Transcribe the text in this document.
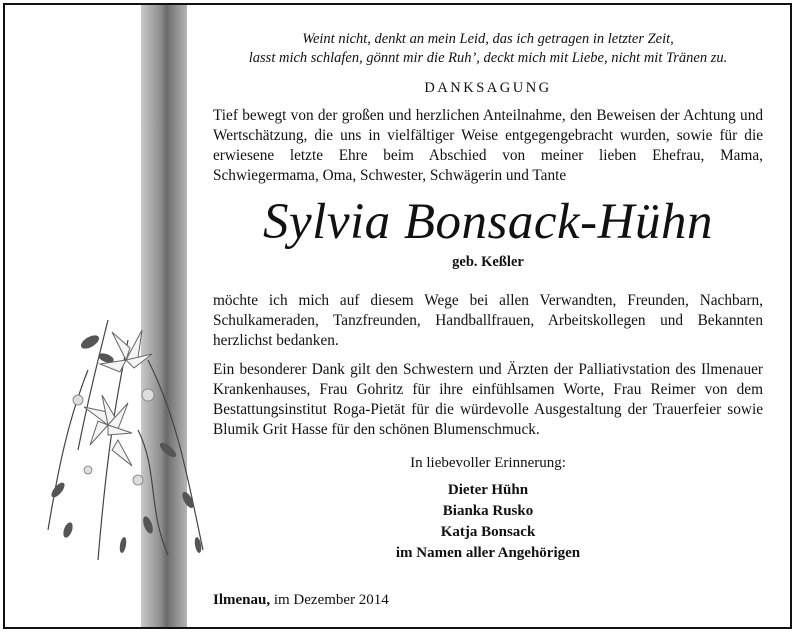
Weint nicht, denkt an mein Leid, das ich getragen in letzter Zeit,
lasst mich schlafen, gönnt mir die Ruh’, deckt mich mit Liebe, nicht mit Tränen zu.
DANKSAGUNG
Tief bewegt von der großen und herzlichen Anteilnahme, den Beweisen der Achtung und Wertschätzung, die uns in vielfältiger Weise entgegengebracht wurden, sowie für die erwiesene letzte Ehre beim Abschied von meiner lieben Ehefrau, Mama, Schwiegermama, Oma, Schwester, Schwägerin und Tante
Sylvia Bonsack-Hühn
geb. Keßler
möchte ich mich auf diesem Wege bei allen Verwandten, Freunden, Nachbarn, Schulkameraden, Tanzfreunden, Handballfrauen, Arbeitskollegen und Bekannten herzlichst bedanken.
Ein besonderer Dank gilt den Schwestern und Ärzten der Palliativstation des Ilmenauer Krankenhauses, Frau Gohritz für ihre einfühlsamen Worte, Frau Reimer von dem Bestattungsinstitut Roga-Pietät für die würdevolle Ausgestaltung der Trauerfeier sowie Blumik Grit Hasse für den schönen Blumenschmuck.
In liebevoller Erinnerung:
Dieter Hühn
Bianka Rusko
Katja Bonsack
im Namen aller Angehörigen
Ilmenau, im Dezember 2014
